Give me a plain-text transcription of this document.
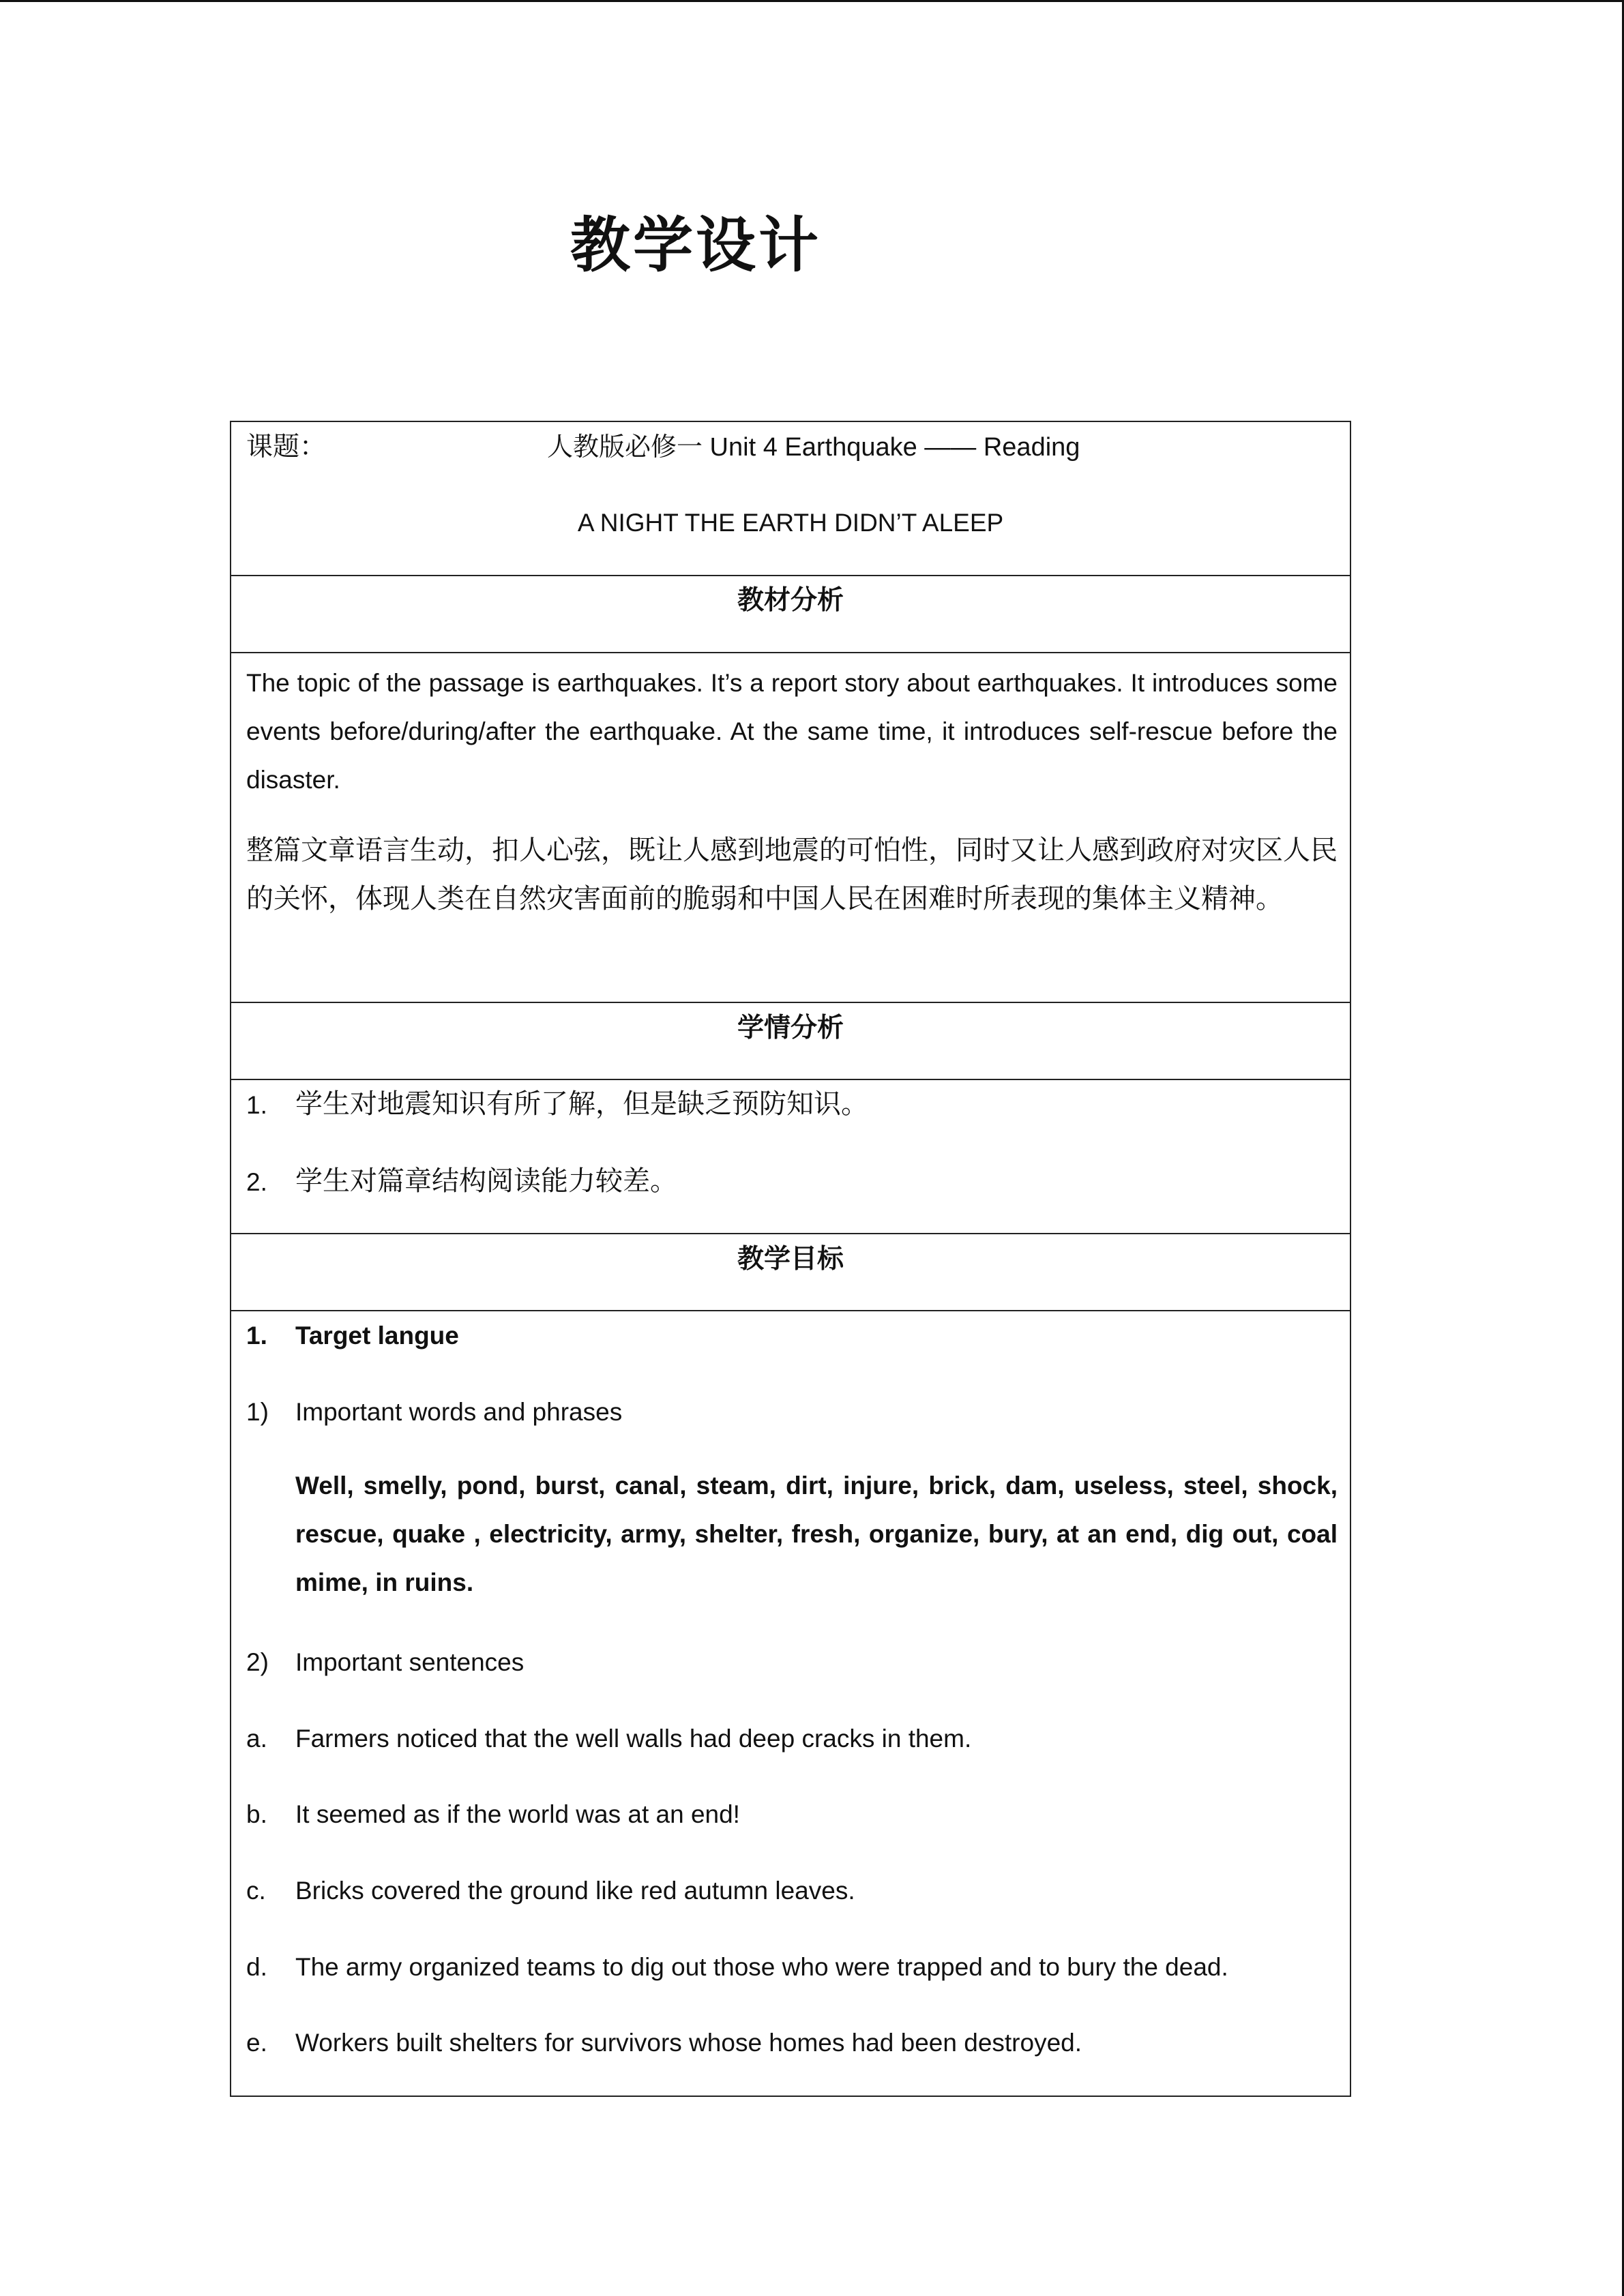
教学设计
课题：	人教版必修一 Unit 4 Earthquake —— Reading
A NIGHT THE EARTH DIDN’T ALEEP
教材分析
The topic of the passage is earthquakes. It’s a report story about earthquakes. It introduces some events before/during/after the earthquake. At the same time, it introduces self-rescue before the disaster.
整篇文章语言生动，扣人心弦，既让人感到地震的可怕性，同时又让人感到政府对灾区人民的关怀，体现人类在自然灾害面前的脆弱和中国人民在困难时所表现的集体主义精神。
学情分析
1. 学生对地震知识有所了解，但是缺乏预防知识。
2. 学生对篇章结构阅读能力较差。
教学目标
1. Target langue
1) Important words and phrases
Well, smelly, pond, burst, canal, steam, dirt, injure, brick, dam, useless, steel, shock, rescue, quake , electricity, army, shelter, fresh, organize, bury, at an end, dig out, coal mime, in ruins.
2) Important sentences
a. Farmers noticed that the well walls had deep cracks in them.
b. It seemed as if the world was at an end!
c. Bricks covered the ground like red autumn leaves.
d. The army organized teams to dig out those who were trapped and to bury the dead.
e. Workers built shelters for survivors whose homes had been destroyed.
